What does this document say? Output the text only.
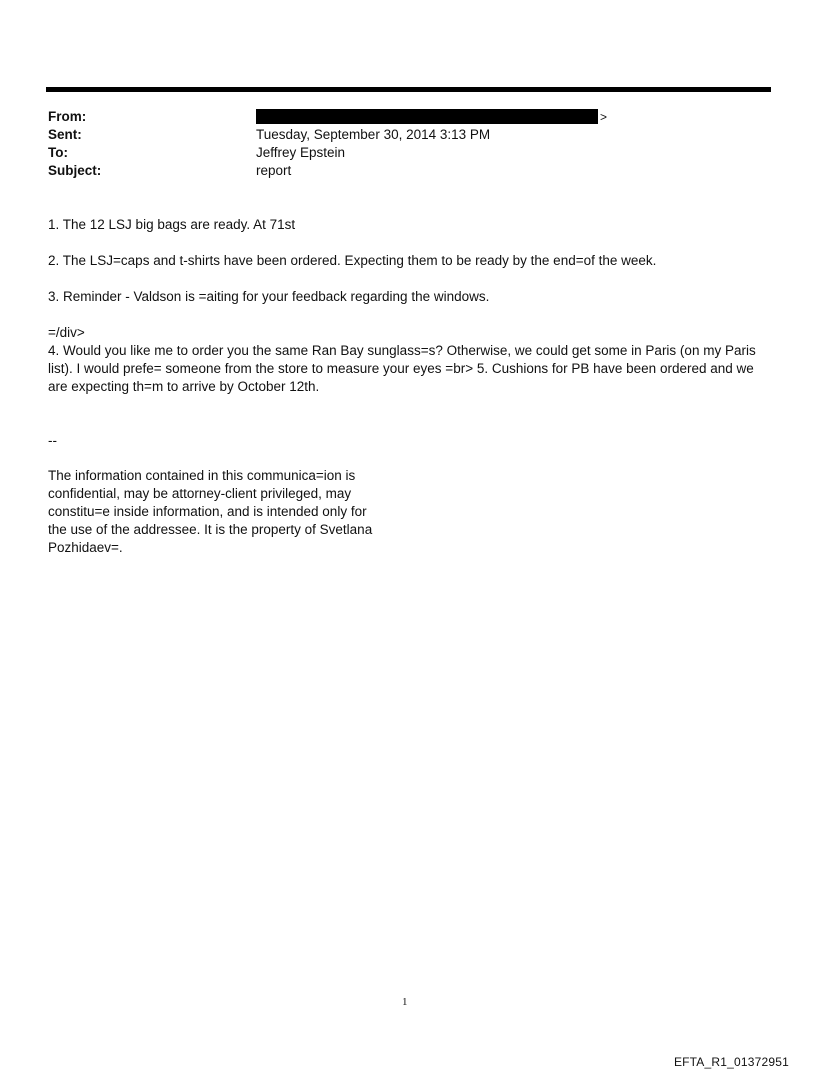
From:	>
Sent:	Tuesday, September 30, 2014 3:13 PM
To:	Jeffrey Epstein
Subject:	report
1. The 12 LSJ big bags are ready. At 71st
2. The LSJ=caps and t-shirts have been ordered. Expecting them to be ready by the end=of the week.
3. Reminder - Valdson is =aiting for your feedback regarding the windows.
=/div>
4. Would you like me to order you the same Ran Bay sunglass=s? Otherwise, we could get some in Paris (on my Paris list). I would prefe= someone from the store to measure your eyes =br> 5. Cushions for PB have been ordered and we are expecting th=m to arrive by October 12th.
--
The information contained in this communica=ion is confidential, may be attorney-client privileged, may constitu=e inside information, and is intended only for the use of the addressee. It is the property of Svetlana Pozhidaev=.
1
EFTA_R1_01372951
